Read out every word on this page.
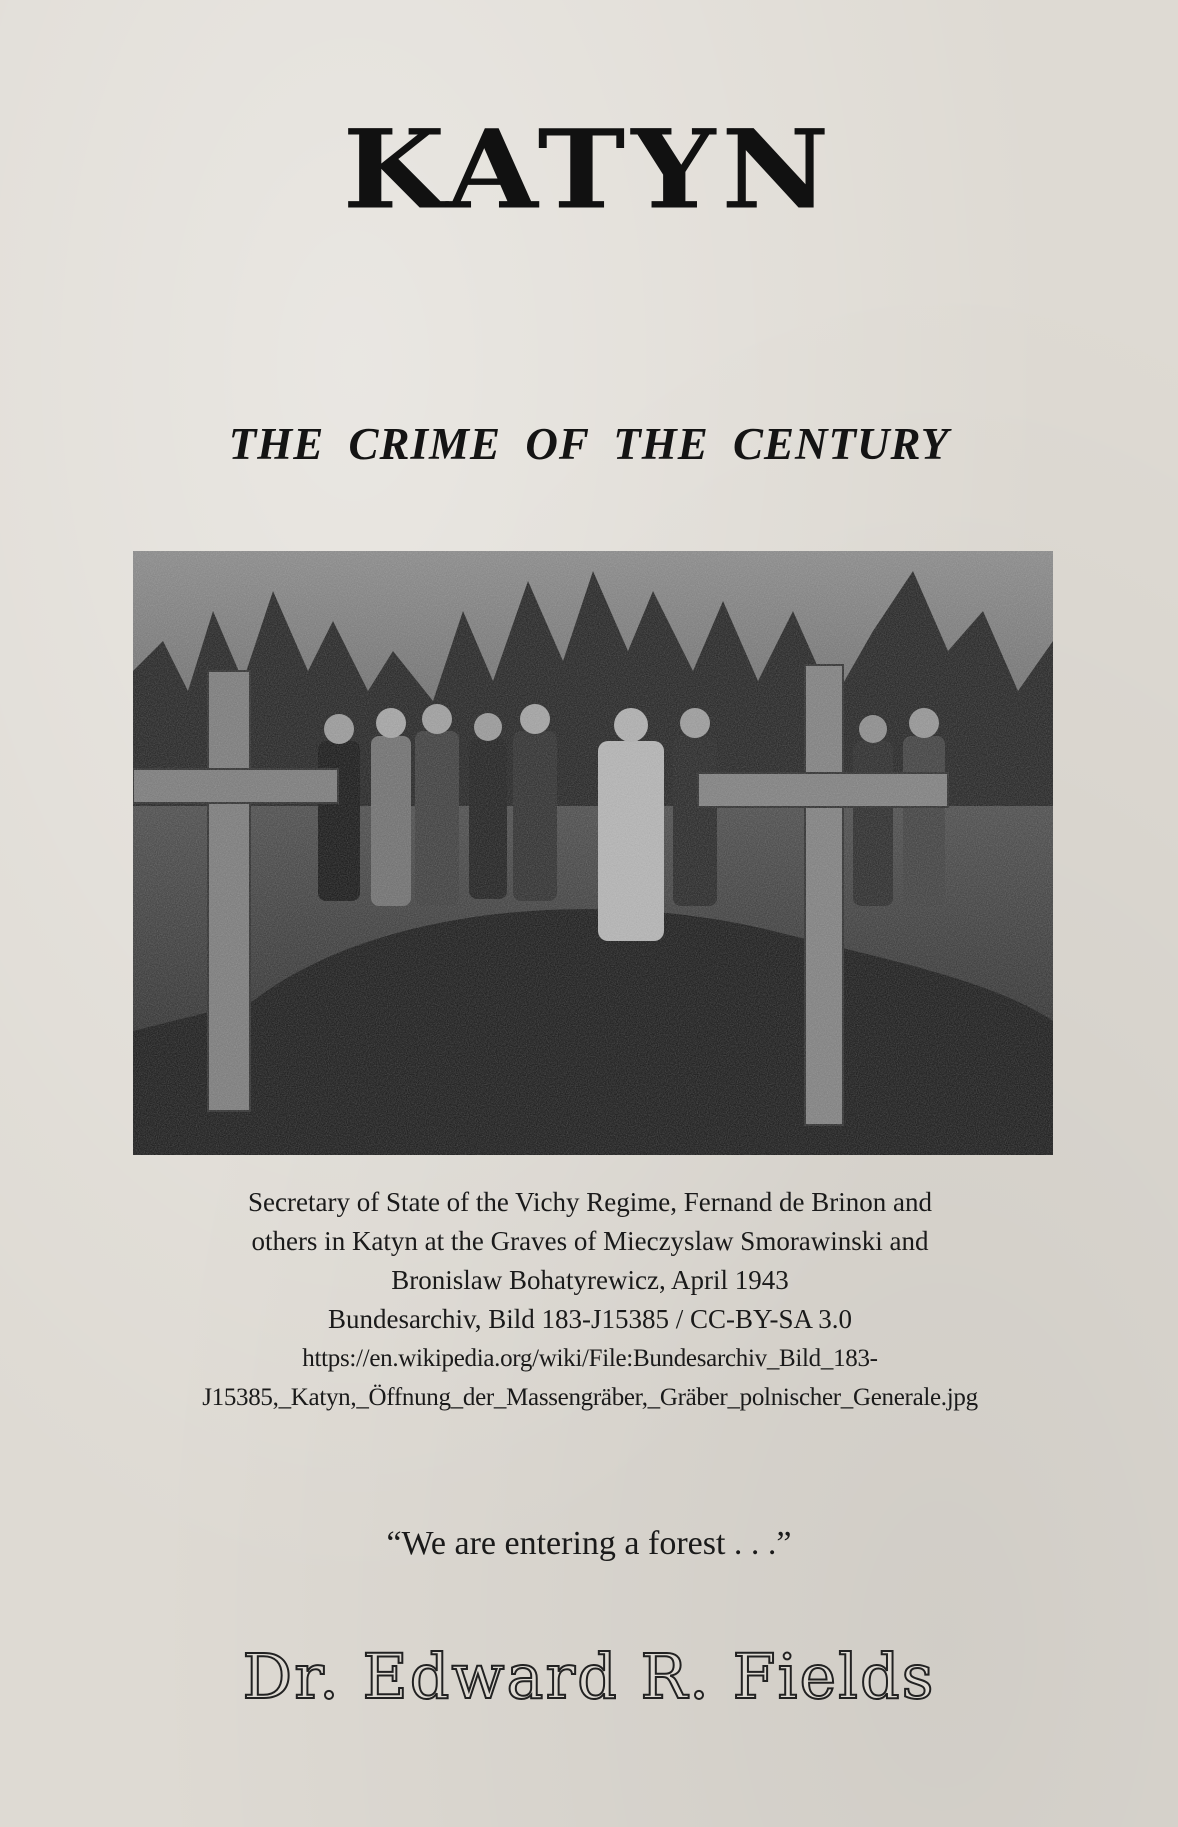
KATYN
THE CRIME OF THE CENTURY
Secretary of State of the Vichy Regime, Fernand de Brinon and
others in Katyn at the Graves of Mieczyslaw Smorawinski and
Bronislaw Bohatyrewicz, April 1943
Bundesarchiv, Bild 183-J15385 / CC-BY-SA 3.0
https://en.wikipedia.org/wiki/File:Bundesarchiv_Bild_183-
J15385,_Katyn,_Öffnung_der_Massengräber,_Gräber_polnischer_Generale.jpg
“We are entering a forest . . .”
Dr. Edward R. Fields
